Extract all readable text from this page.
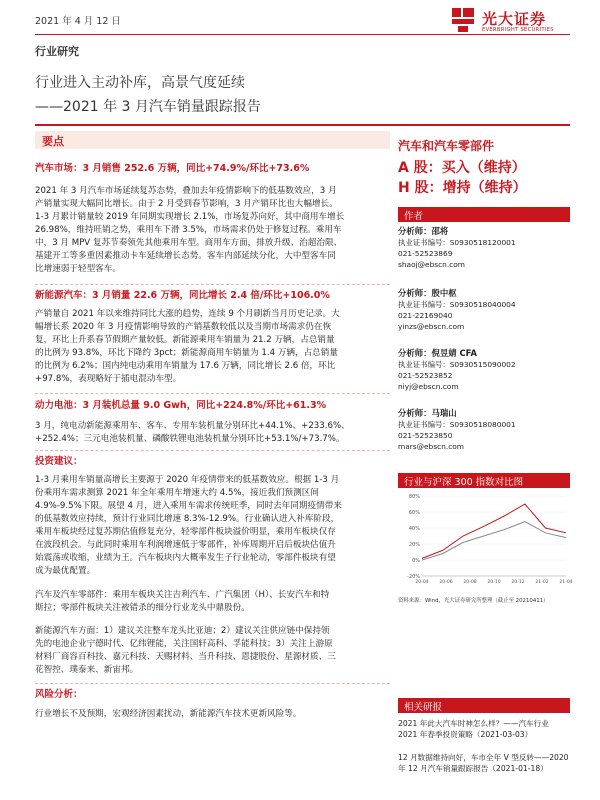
2021 年 4 月 12 日	光大证券
EVERBRIGHT SECURITIES
行业研究
行业进入主动补库，高景气度延续
——2021 年 3 月汽车销量跟踪报告
要点
汽车市场：3 月销售 252.6 万辆，同比+74.9%/环比+73.6%
2021 年 3 月汽车市场延续复苏态势，叠加去年疫情影响下的低基数效应，3 月
产销量实现大幅同比增长。由于 2 月受到春节影响，3 月产销环比也大幅增长。
1-3 月累计销量较 2019 年同期实现增长 2.1%，市场复苏向好，其中商用车增长
26.98%，维持旺销之势，乘用车下滑 3.5%，市场需求仍处于修复过程。乘用车
中，3 月 MPV 复苏节奏领先其他乘用车型。商用车方面，排放升级、治超治限、
基建开工等多重因素推动卡车延续增长态势。客车内部延续分化，大中型客车同
比增速弱于轻型客车。
新能源汽车：3 月销量 22.6 万辆，同比增长 2.4 倍/环比+106.0%
产销量自 2021 年以来维持同比大涨的趋势，连续 9 个月刷新当月历史记录。大
幅增长系 2020 年 3 月疫情影响导致的产销基数较低以及当期市场需求仍在恢
复，环比上升系春节假期产量较低。新能源乘用车销量为 21.2 万辆，占总销量
的比例为 93.8%，环比下降约 3pct；新能源商用车销量为 1.4 万辆，占总销量
的比例为 6.2%；国内纯电动乘用车销量为 17.6 万辆，同比增长 2.6 倍，环比
+97.8%，表现略好于插电混动车型。
动力电池：3 月装机总量 9.0 Gwh，同比+224.8%/环比+61.3%
3 月，纯电动新能源乘用车、客车、专用车装机量分别环比+44.1%、+233.6%、
+252.4%；三元电池装机量、磷酸铁锂电池装机量分别环比+53.1%/+73.7%。
投资建议：
1-3 月乘用车销量高增长主要源于 2020 年疫情带来的低基数效应。根据 1-3 月
份乘用车需求测算 2021 年全年乘用车增速大约 4.5%，接近我们预测区间
4.9%-9.5%下限。展望 4 月，进入乘用车需求传统旺季，同时去年同期疫情带来
的低基数效应持续，预计行业同比增速 8.3%-12.9%。行业确认进入补库阶段，
乘用车板块经过复苏期估值修复充分，轻零部件板块溢价明显，乘用车板块仅存
在波段机会。与此同时乘用车利润增速低于零部件，补库周期开启后板块估值升
始震荡或收缩，业绩为王。汽车板块内大概率发生子行业轮动，零部件板块有望
成为最优配置。
汽车及汽车零部件：乘用车板块关注吉利汽车、广汽集团（H）、长安汽车和特
斯拉；零部件板块关注被错杀的细分行业龙头中鼎股份。
新能源汽车方面：1）建议关注整车龙头比亚迪；2）建议关注供应链中保持领
先的电池企业宁德时代、亿纬锂能，关注国轩高科、孚能科技；3）关注上游原
材料厂商容百科技、嘉元科技、天赐材料、当升科技、恩捷股份、星源材质、三
花智控、璞泰来、新宙邦。
风险分析：
行业增长不及预期，宏观经济因素扰动，新能源汽车技术更新风险等。
汽车和汽车零部件
A 股：买入（维持）
H 股：增持（维持）
作者
分析师：邵将
执业证书编号：S0930518120001
021-52523869
shaoj@ebscn.com
分析师：殷中枢
执业证书编号：S0930518040004
021-22169040
yinzs@ebscn.com
分析师：倪昱婧 CFA
执业证书编号：S0930515090002
021-52523852
niyj@ebscn.com
分析师：马瑞山
执业证书编号：S0930518080001
021-52523850
mars@ebscn.com
行业与沪深 300 指数对比图
80%
60%
40%
20%
0%
-20%
20-04 20-06 20-08 20-10 20-12 21-02 21-04
资料来源：Wind，光大证券研究所整理（截止至 20210411）
相关研报
2021 年此大汽车时神怎么样？——汽车行业 2021 年春季投资策略（2021-03-03）
12 月数据维持向好，车市全年 V 型反转——2020 年 12 月汽车销量跟踪报告（2021-01-18）
